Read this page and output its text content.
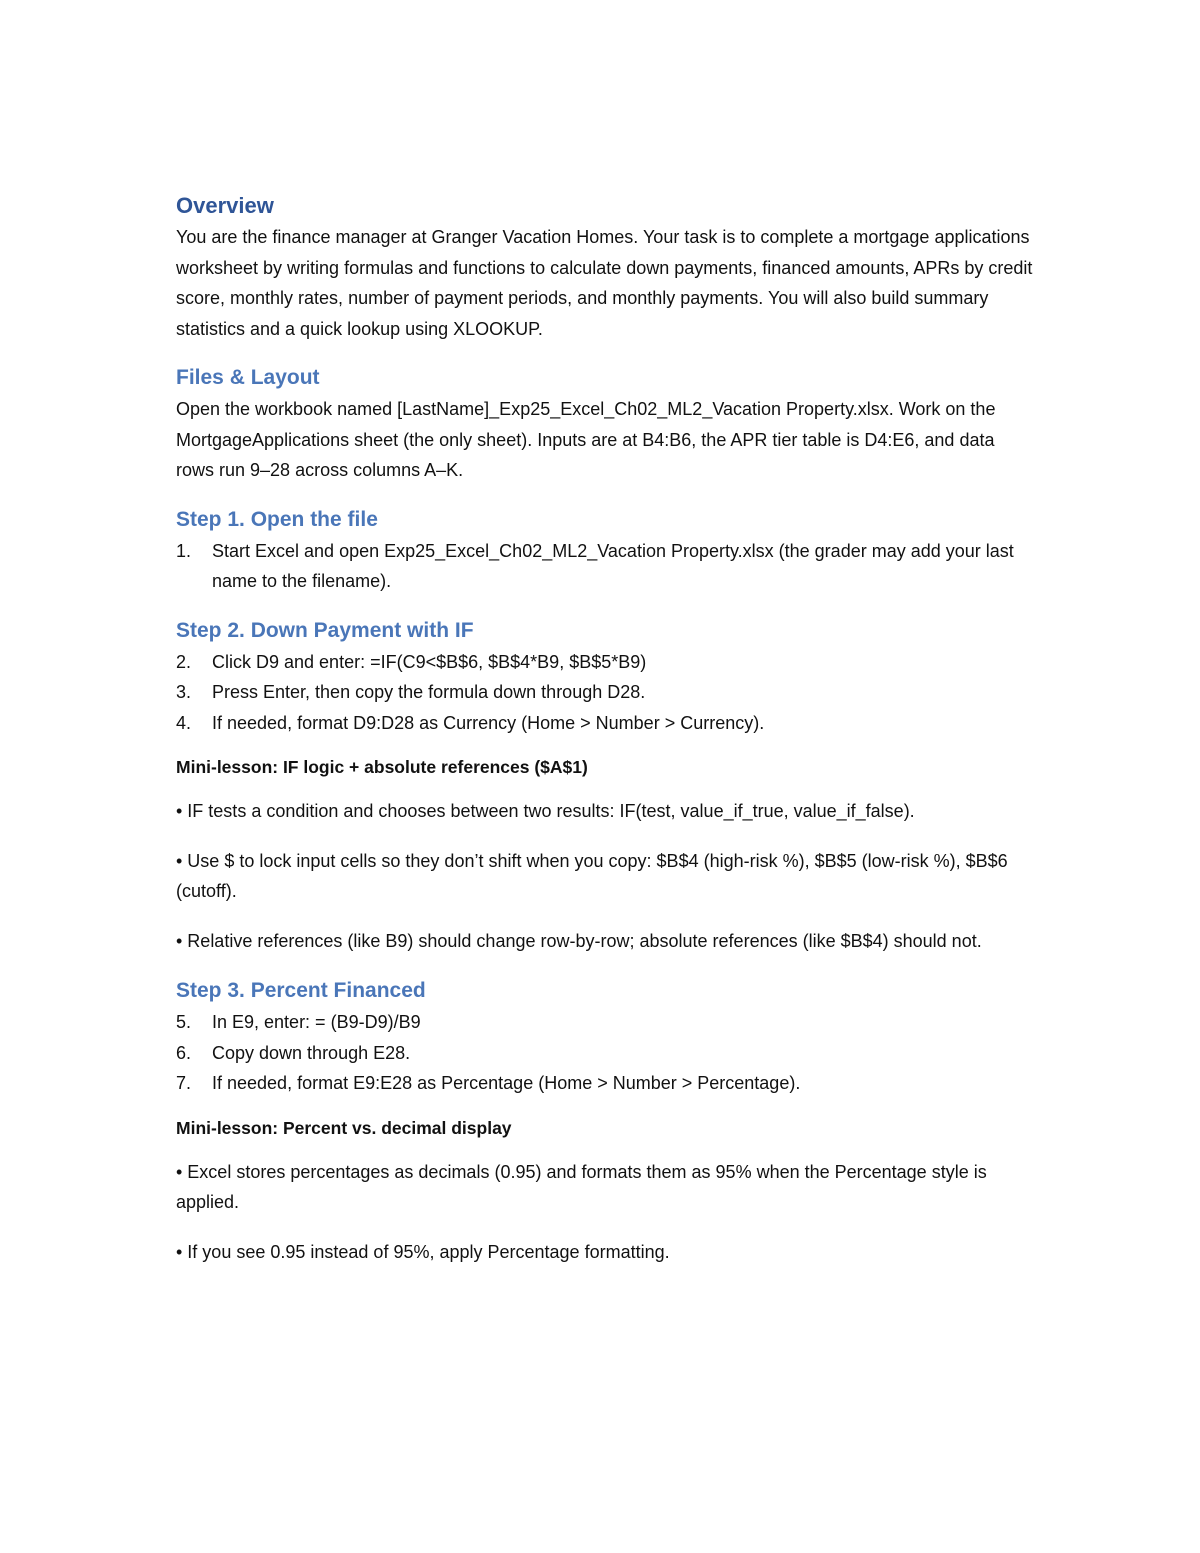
Overview

You are the finance manager at Granger Vacation Homes. Your task is to complete a mortgage applications worksheet by writing formulas and functions to calculate down payments, financed amounts, APRs by credit score, monthly rates, number of payment periods, and monthly payments. You will also build summary statistics and a quick lookup using XLOOKUP.

Files & Layout

Open the workbook named [LastName]_Exp25_Excel_Ch02_ML2_Vacation Property.xlsx. Work on the MortgageApplications sheet (the only sheet). Inputs are at B4:B6, the APR tier table is D4:E6, and data rows run 9–28 across columns A–K.

Step 1. Open the file
1.	Start Excel and open Exp25_Excel_Ch02_ML2_Vacation Property.xlsx (the grader may add your last name to the filename).
Step 2. Down Payment with IF
2.	Click D9 and enter: =IF(C9<$B$6, $B$4*B9, $B$5*B9)
3.	Press Enter, then copy the formula down through D28.
4.	If needed, format D9:D28 as Currency (Home > Number > Currency).

Mini-lesson: IF logic + absolute references ($A$1)

• IF tests a condition and chooses between two results: IF(test, value_if_true, value_if_false).

• Use $ to lock input cells so they don’t shift when you copy: $B$4 (high-risk %), $B$5 (low-risk %), $B$6 (cutoff).

• Relative references (like B9) should change row-by-row; absolute references (like $B$4) should not.

Step 3. Percent Financed
5.	In E9, enter: = (B9-D9)/B9
6.	Copy down through E28.
7.	If needed, format E9:E28 as Percentage (Home > Number > Percentage).

Mini-lesson: Percent vs. decimal display

• Excel stores percentages as decimals (0.95) and formats them as 95% when the Percentage style is applied.

• If you see 0.95 instead of 95%, apply Percentage formatting.
